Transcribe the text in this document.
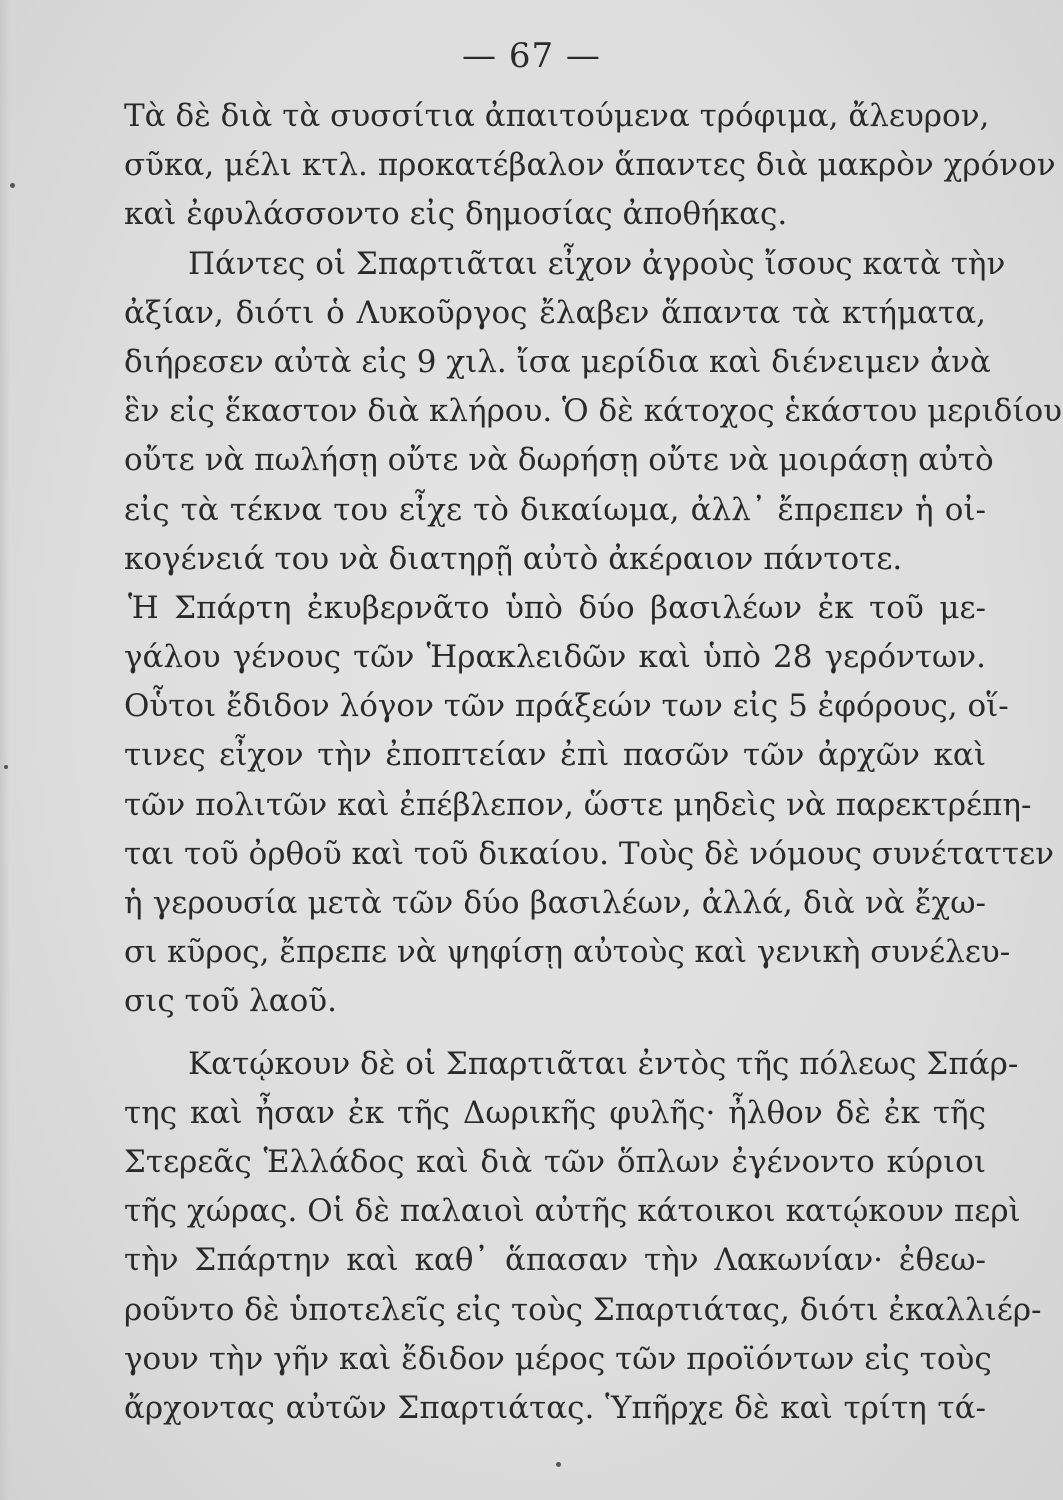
— 67 —
Τὰ δὲ διὰ τὰ συσσίτια ἀπαιτούμενα τρόφιμα, ἄλευρον,
σῦκα, μέλι κτλ. προκατέβαλον ἅπαντες διὰ μακρὸν χρόνον
καὶ ἐφυλάσσοντο εἰς δημοσίας ἀποθήκας.
Πάντες οἱ Σπαρτιᾶται εἶχον ἀγροὺς ἴσους κατὰ τὴν
ἀξίαν, διότι ὁ Λυκοῦργος ἔλαβεν ἅπαντα τὰ κτήματα,
διήρεσεν αὐτὰ εἰς 9 χιλ. ἴσα μερίδια καὶ διένειμεν ἀνὰ
ἓν εἰς ἕκαστον διὰ κλήρου. Ὁ δὲ κάτοχος ἑκάστου μεριδίου
οὔτε νὰ πωλήσῃ οὔτε νὰ δωρήσῃ οὔτε νὰ μοιράσῃ αὐτὸ
εἰς τὰ τέκνα του εἶχε τὸ δικαίωμα, ἀλλ᾽ ἔπρεπεν ἡ οἰ-
κογένειά του νὰ διατηρῇ αὐτὸ ἀκέραιον πάντοτε.
Ἡ Σπάρτη ἐκυβερνᾶτο ὑπὸ δύο βασιλέων ἐκ τοῦ με-
γάλου γένους τῶν Ἡρακλειδῶν καὶ ὑπὸ 28 γερόντων.
Οὗτοι ἔδιδον λόγον τῶν πράξεών των εἰς 5 ἐφόρους, οἵ-
τινες εἶχον τὴν ἐποπτείαν ἐπὶ πασῶν τῶν ἀρχῶν καὶ
τῶν πολιτῶν καὶ ἐπέβλεπον, ὥστε μηδεὶς νὰ παρεκτρέπη-
ται τοῦ ὀρθοῦ καὶ τοῦ δικαίου. Τοὺς δὲ νόμους συνέταττεν
ἡ γερουσία μετὰ τῶν δύο βασιλέων, ἀλλά, διὰ νὰ ἔχω-
σι κῦρος, ἔπρεπε νὰ ψηφίσῃ αὐτοὺς καὶ γενικὴ συνέλευ-
σις τοῦ λαοῦ.
Κατῴκουν δὲ οἱ Σπαρτιᾶται ἐντὸς τῆς πόλεως Σπάρ-
της καὶ ἦσαν ἐκ τῆς Δωρικῆς φυλῆς· ἦλθον δὲ ἐκ τῆς
Στερεᾶς Ἑλλάδος καὶ διὰ τῶν ὅπλων ἐγένοντο κύριοι
τῆς χώρας. Οἱ δὲ παλαιοὶ αὐτῆς κάτοικοι κατῴκουν περὶ
τὴν Σπάρτην καὶ καθ᾽ ἅπασαν τὴν Λακωνίαν· ἐθεω-
ροῦντο δὲ ὑποτελεῖς εἰς τοὺς Σπαρτιάτας, διότι ἐκαλλιέρ-
γουν τὴν γῆν καὶ ἔδιδον μέρος τῶν προϊόντων εἰς τοὺς
ἄρχοντας αὐτῶν Σπαρτιάτας. Ὑπῆρχε δὲ καὶ τρίτη τά-
